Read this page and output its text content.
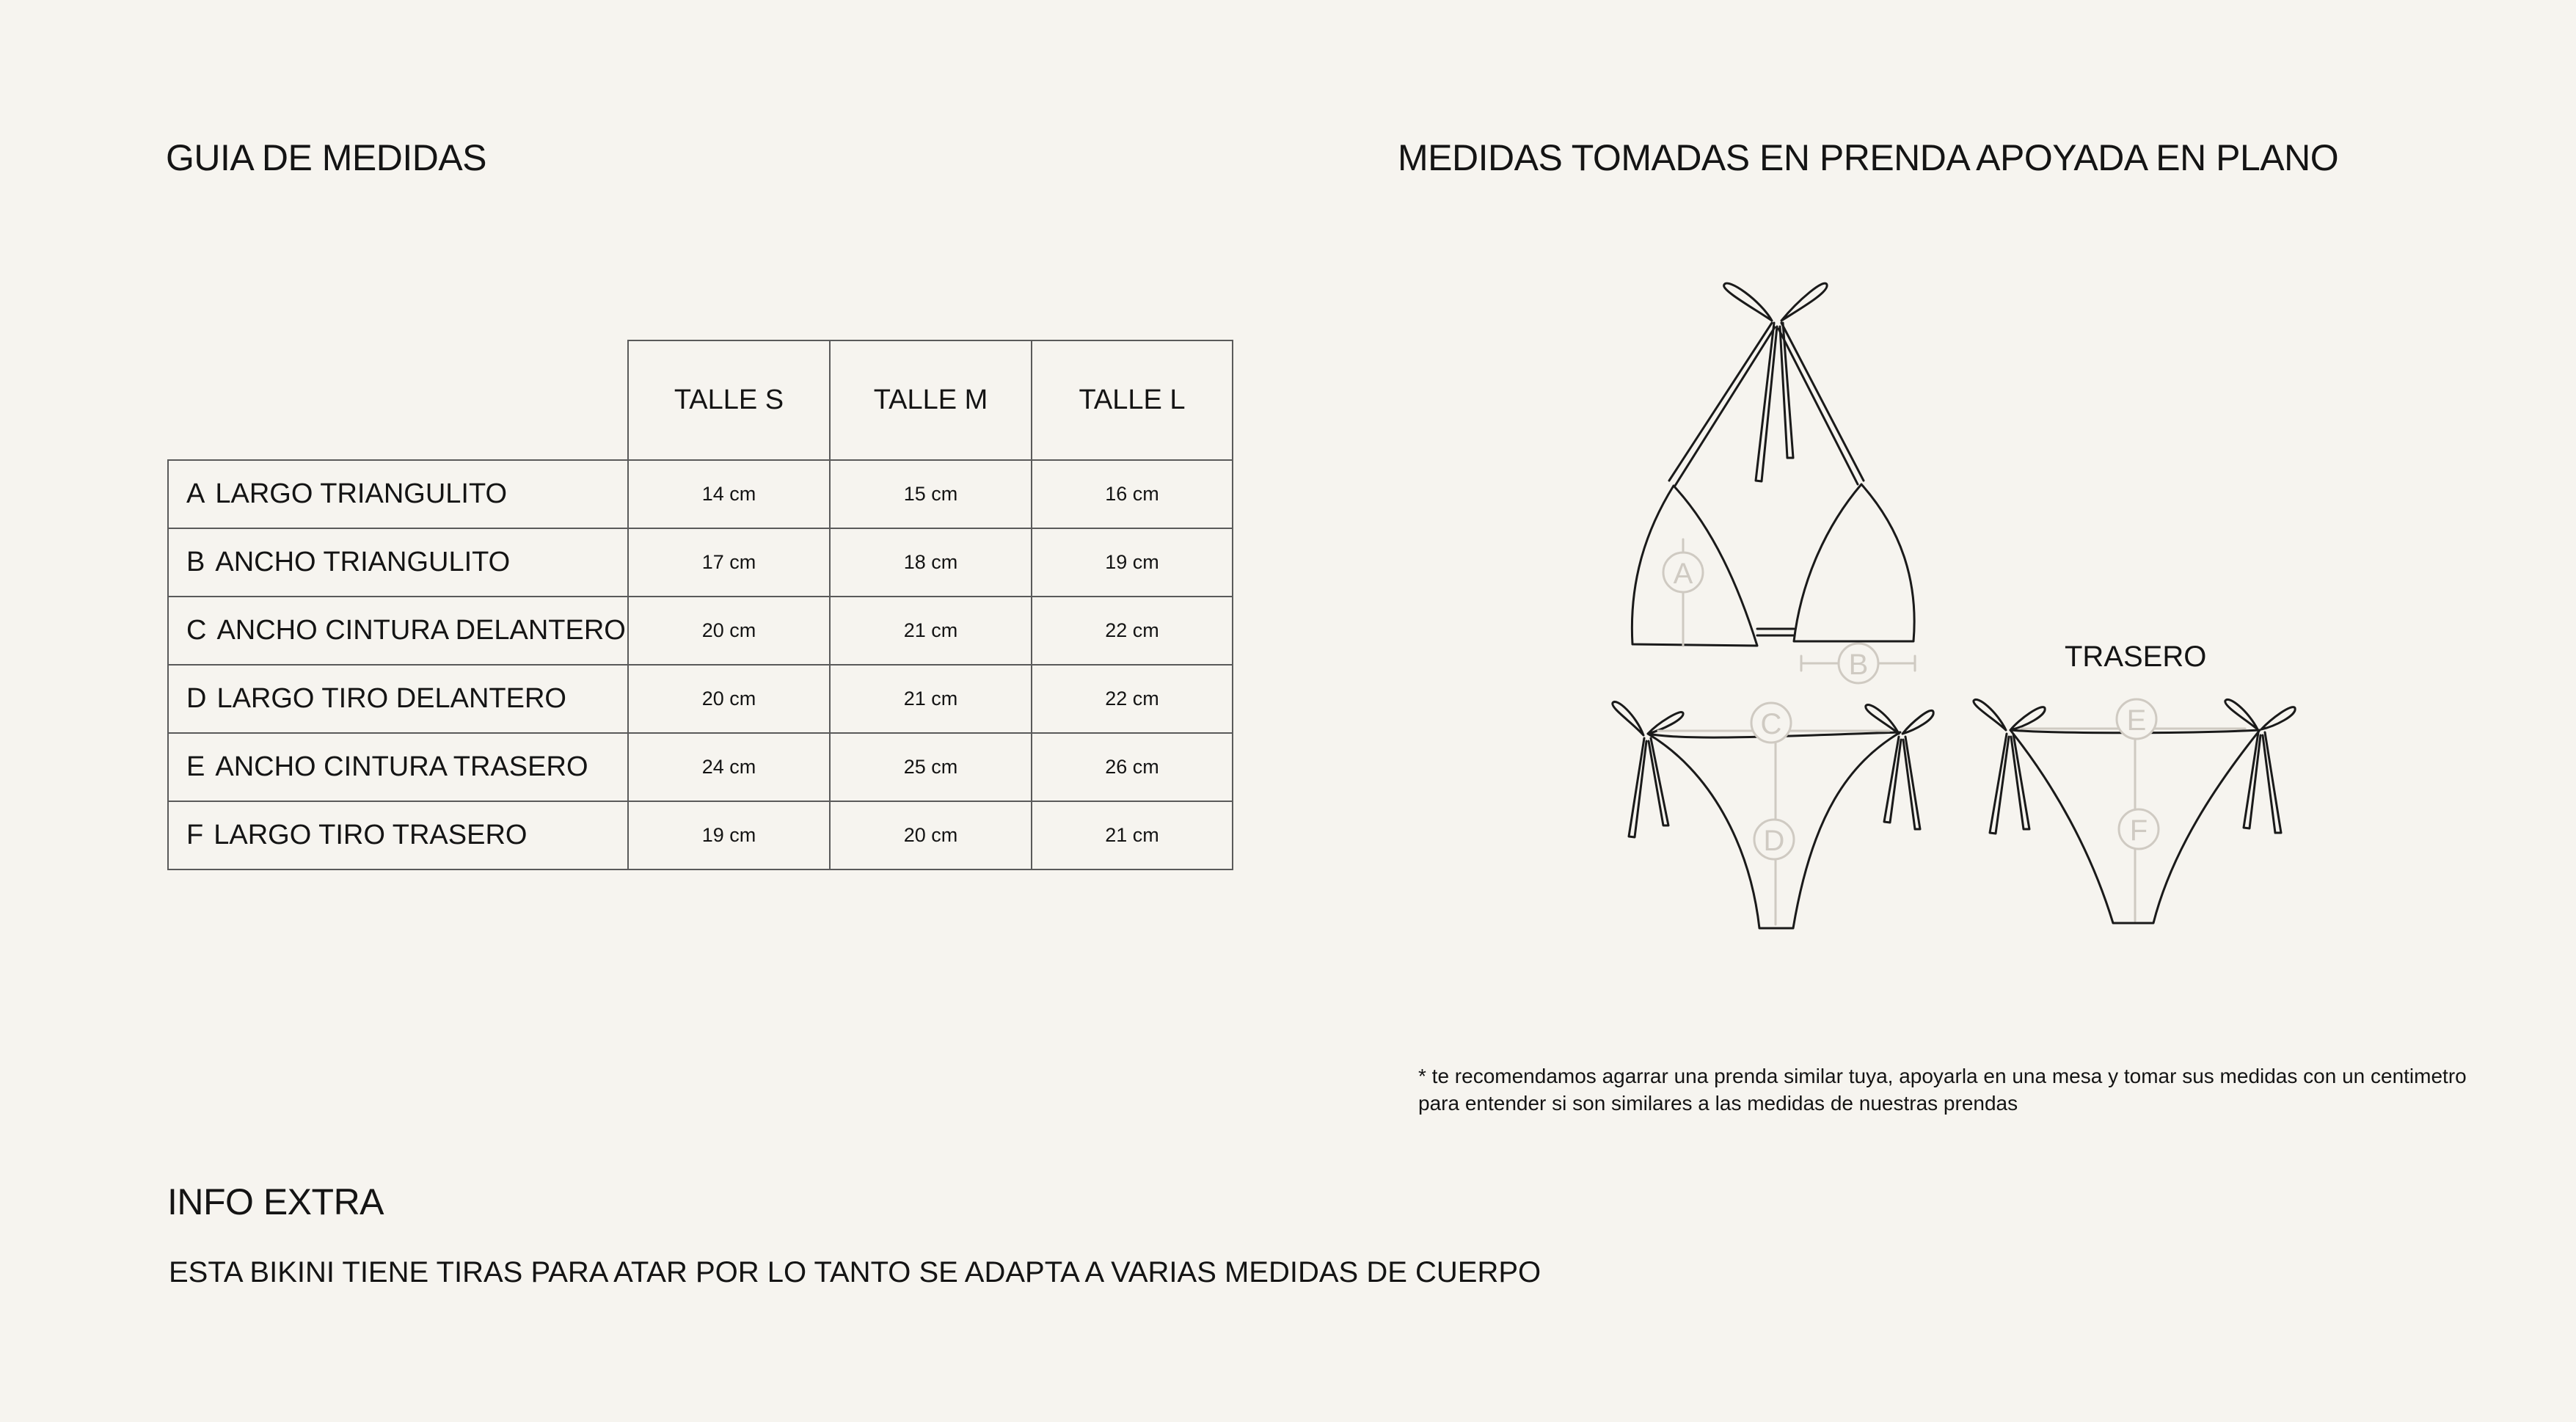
GUIA DE MEDIDAS	MEDIDAS TOMADAS EN PRENDA APOYADA EN PLANO
	TALLE S	TALLE M	TALLE L
A LARGO TRIANGULITO	14 cm	15 cm	16 cm
B ANCHO TRIANGULITO	17 cm	18 cm	19 cm
C ANCHO CINTURA DELANTERO	20 cm	21 cm	22 cm
D LARGO TIRO DELANTERO	20 cm	21 cm	22 cm
E ANCHO CINTURA TRASERO	24 cm	25 cm	26 cm
F LARGO TIRO TRASERO	19 cm	20 cm	21 cm
A
B
C
D
E
F
TRASERO
* te recomendamos agarrar una prenda similar tuya, apoyarla en una mesa y tomar sus medidas con un centimetro
para entender si son similares a las medidas de nuestras prendas
INFO EXTRA
ESTA BIKINI TIENE TIRAS PARA ATAR POR LO TANTO SE ADAPTA A VARIAS MEDIDAS DE CUERPO
